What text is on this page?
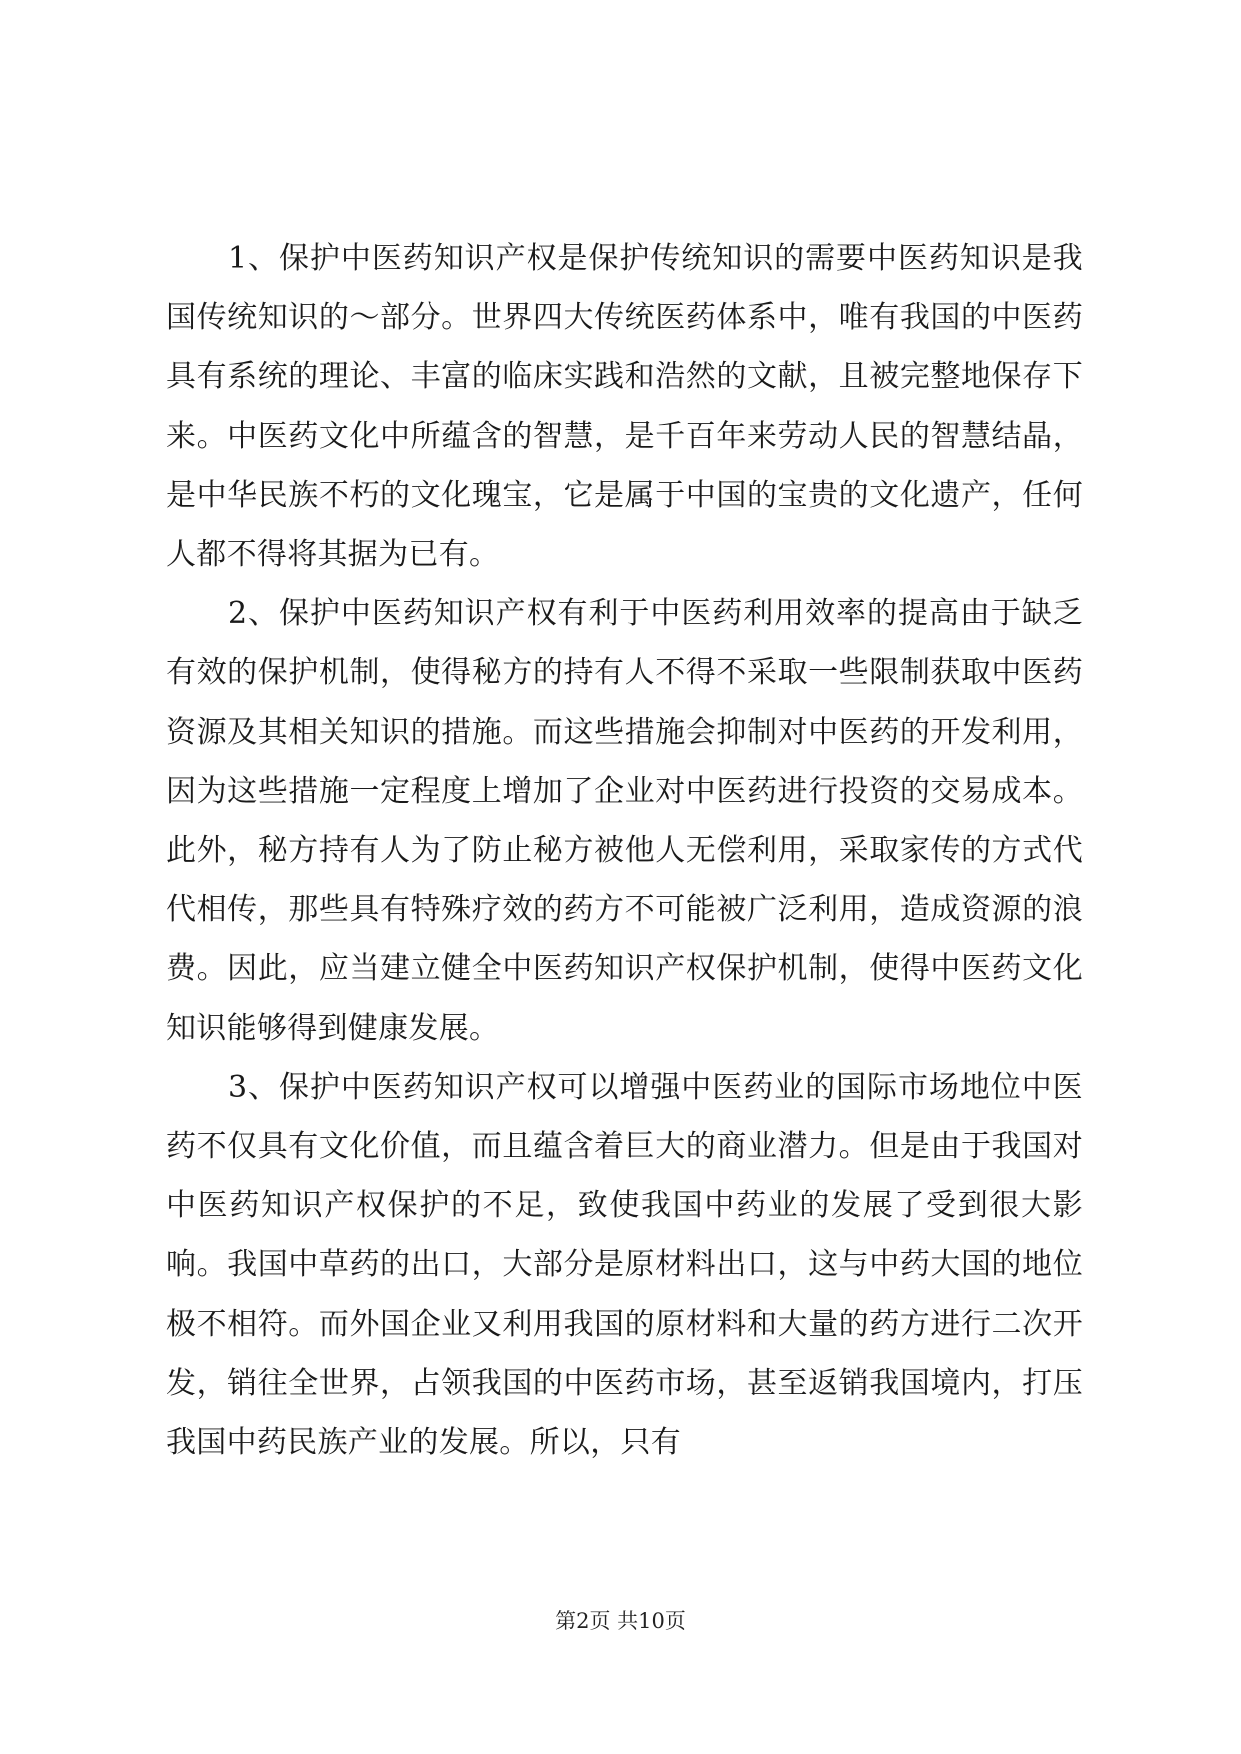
1、保护中医药知识产权是保护传统知识的需要中医药知识是我国传统知识的～部分。世界四大传统医药体系中，唯有我国的中医药具有系统的理论、丰富的临床实践和浩然的文献，且被完整地保存下来。中医药文化中所蕴含的智慧，是千百年来劳动人民的智慧结晶，是中华民族不朽的文化瑰宝，它是属于中国的宝贵的文化遗产，任何人都不得将其据为已有。

2、保护中医药知识产权有利于中医药利用效率的提高由于缺乏有效的保护机制，使得秘方的持有人不得不采取一些限制获取中医药资源及其相关知识的措施。而这些措施会抑制对中医药的开发利用，因为这些措施一定程度上增加了企业对中医药进行投资的交易成本。此外，秘方持有人为了防止秘方被他人无偿利用，采取家传的方式代代相传，那些具有特殊疗效的药方不可能被广泛利用，造成资源的浪费。因此，应当建立健全中医药知识产权保护机制，使得中医药文化知识能够得到健康发展。

3、保护中医药知识产权可以增强中医药业的国际市场地位中医药不仅具有文化价值，而且蕴含着巨大的商业潜力。但是由于我国对中医药知识产权保护的不足，致使我国中药业的发展了受到很大影响。我国中草药的出口，大部分是原材料出口，这与中药大国的地位极不相符。而外国企业又利用我国的原材料和大量的药方进行二次开发，销往全世界，占领我国的中医药市场，甚至返销我国境内，打压我国中药民族产业的发展。所以，只有

第2页 共10页
